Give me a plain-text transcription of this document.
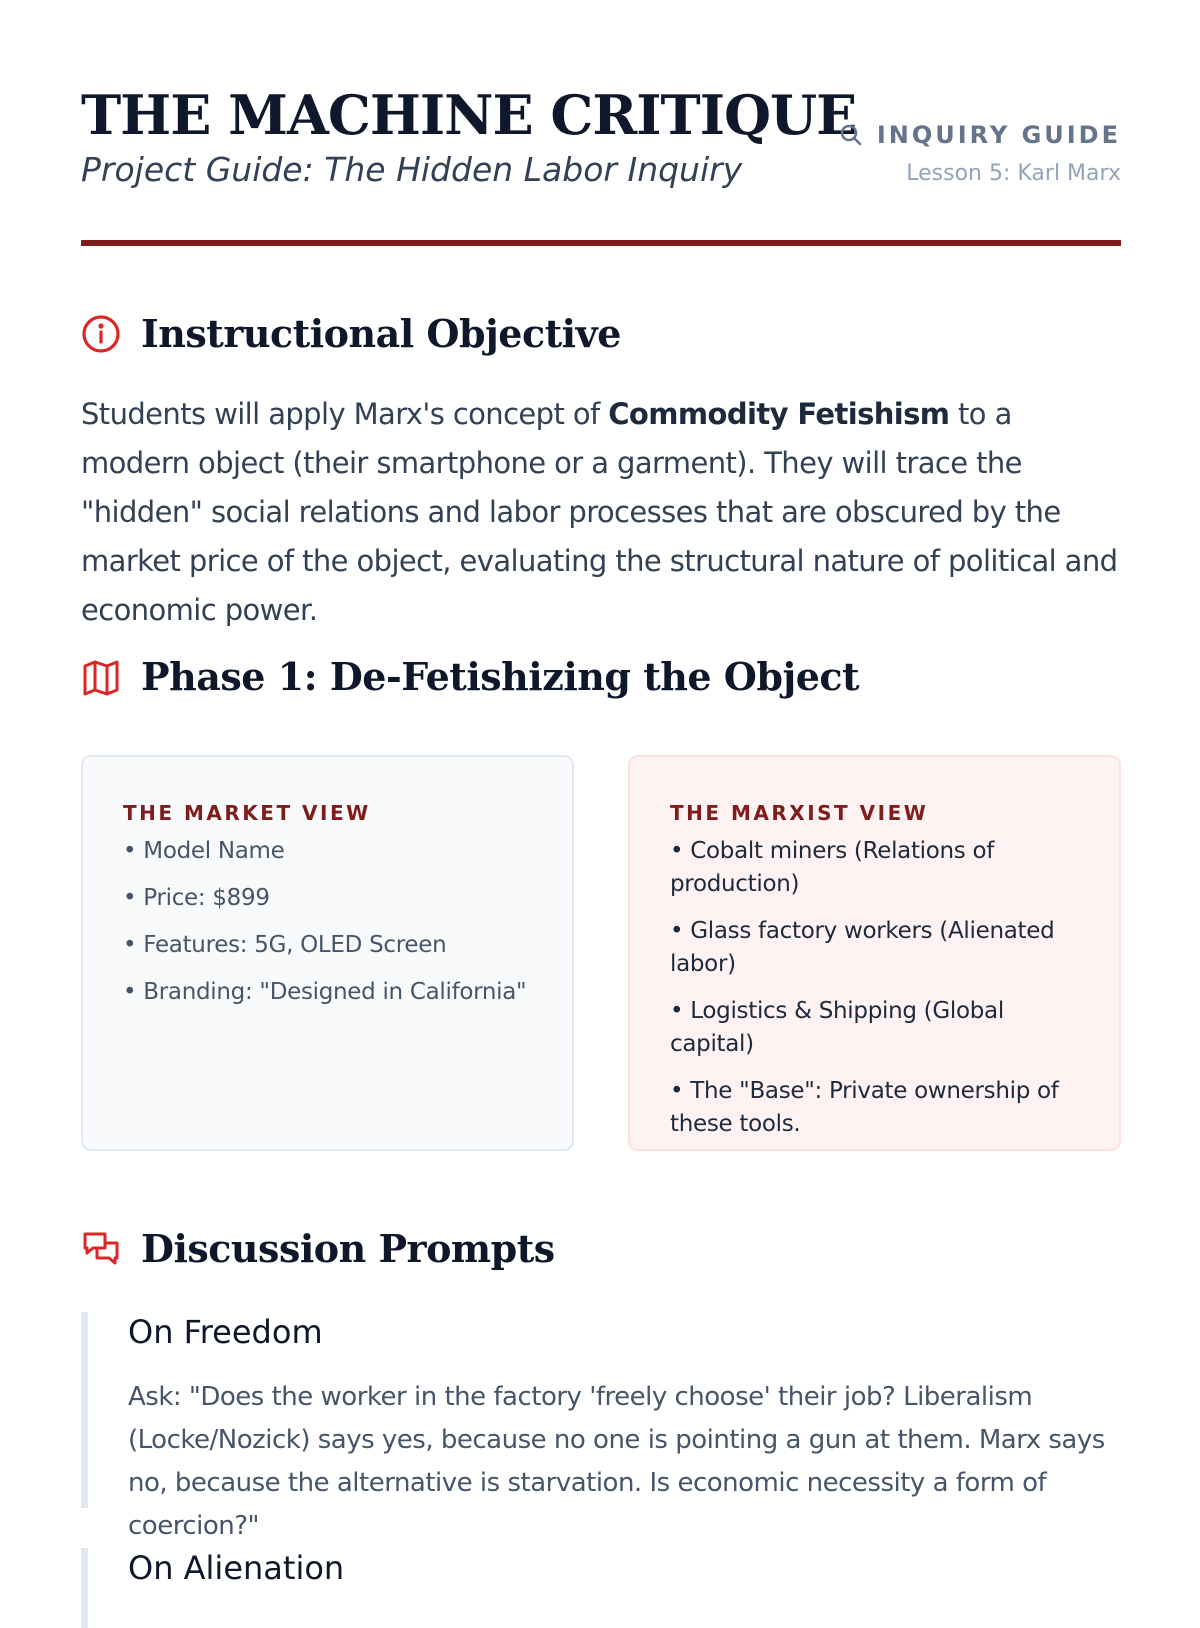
THE MACHINE CRITIQUE
Project Guide: The Hidden Labor Inquiry
INQUIRY GUIDE
Lesson 5: Karl Marx
Instructional Objective

Students will apply Marx's concept of Commodity Fetishism to a modern object (their smartphone or a garment). They will trace the "hidden" social relations and labor processes that are obscured by the market price of the object, evaluating the structural nature of political and economic power.

Phase 1: De-Fetishizing the Object
THE MARKET VIEW
• Model Name
• Price: $899
• Features: 5G, OLED Screen
• Branding: "Designed in California"
THE MARXIST VIEW
• Cobalt miners (Relations of production)
• Glass factory workers (Alienated labor)
• Logistics & Shipping (Global capital)
• The "Base": Private ownership of these tools.
Discussion Prompts
On Freedom

Ask: "Does the worker in the factory 'freely choose' their job? Liberalism (Locke/Nozick) says yes, because no one is pointing a gun at them. Marx says no, because the alternative is starvation. Is economic necessity a form of coercion?"

On Alienation
